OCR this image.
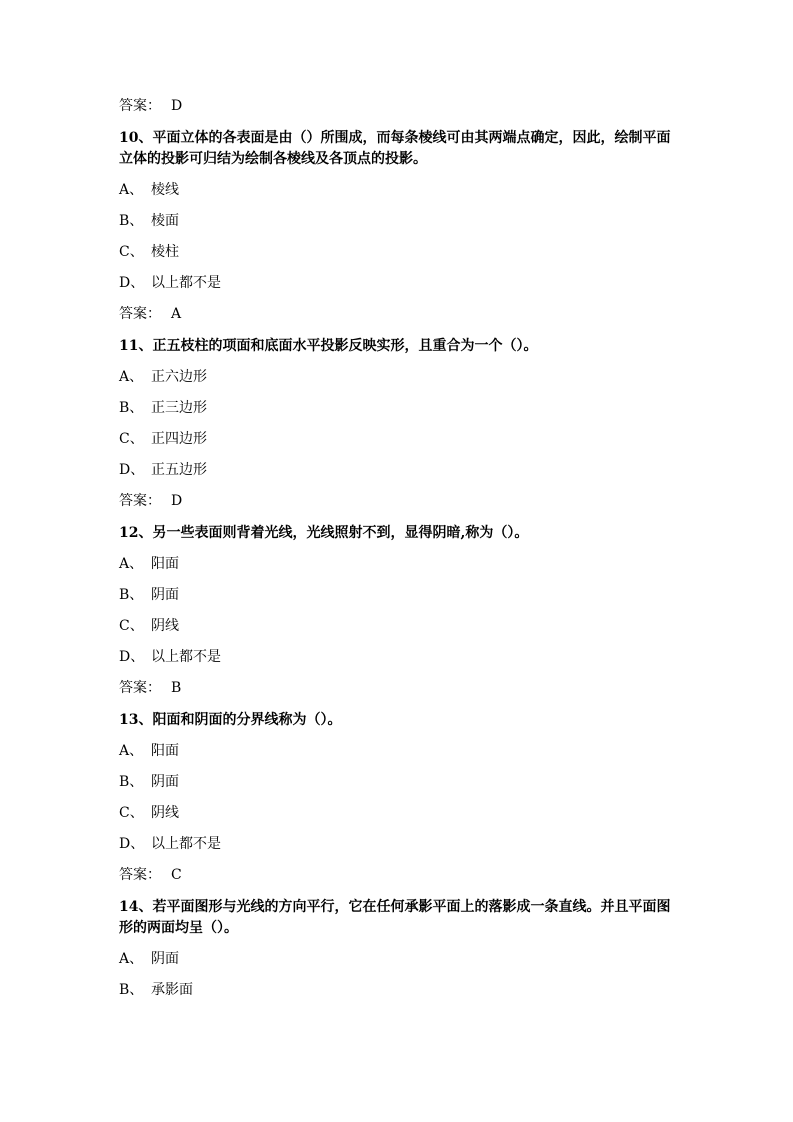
答案： D

10、平面立体的各表面是由（）所围成，而每条棱线可由其两端点确定，因此，绘制平面立体的投影可归结为绘制各棱线及各顶点的投影。

A、 棱线

B、 棱面

C、 棱柱

D、 以上都不是

答案： A

11、正五枝柱的项面和底面水平投影反映实形，且重合为一个（）。

A、 正六边形

B、 正三边形

C、 正四边形

D、 正五边形

答案： D

12、另一些表面则背着光线，光线照射不到，显得阴暗,称为（）。

A、 阳面

B、 阴面

C、 阴线

D、 以上都不是

答案： B

13、阳面和阴面的分界线称为（）。

A、 阳面

B、 阴面

C、 阴线

D、 以上都不是

答案： C

14、若平面图形与光线的方向平行，它在任何承影平面上的落影成一条直线。并且平面图形的两面均呈（）。

A、 阴面

B、 承影面
